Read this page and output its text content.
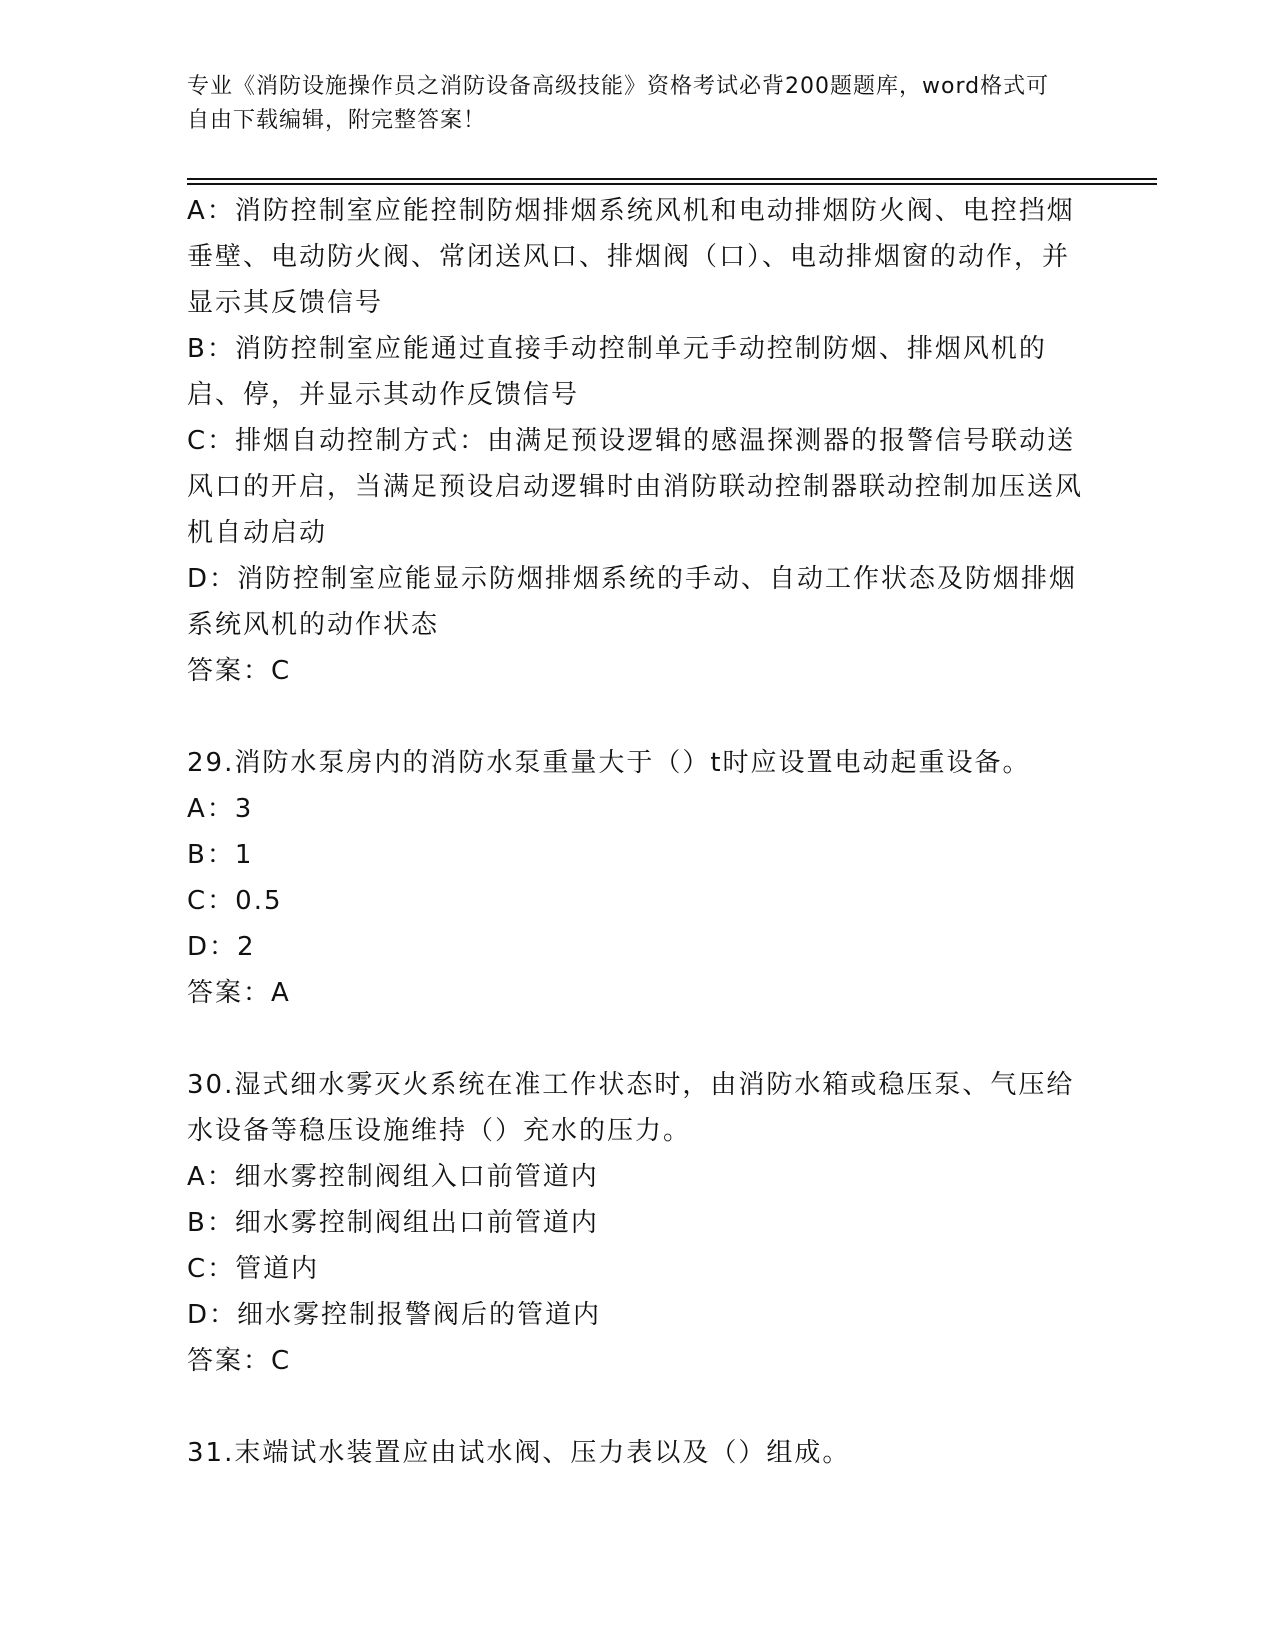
专业《消防设施操作员之消防设备高级技能》资格考试必背200题题库，word格式可自由下载编辑，附完整答案！

A：消防控制室应能控制防烟排烟系统风机和电动排烟防火阀、电控挡烟垂壁、电动防火阀、常闭送风口、排烟阀（口）、电动排烟窗的动作，并显示其反馈信号

B：消防控制室应能通过直接手动控制单元手动控制防烟、排烟风机的启、停，并显示其动作反馈信号

C：排烟自动控制方式：由满足预设逻辑的感温探测器的报警信号联动送风口的开启，当满足预设启动逻辑时由消防联动控制器联动控制加压送风机自动启动

D：消防控制室应能显示防烟排烟系统的手动、自动工作状态及防烟排烟系统风机的动作状态

答案：C

29.消防水泵房内的消防水泵重量大于（）t时应设置电动起重设备。

A：3

B：1

C：0.5

D：2

答案：A

30.湿式细水雾灭火系统在准工作状态时，由消防水箱或稳压泵、气压给水设备等稳压设施维持（）充水的压力。

A：细水雾控制阀组入口前管道内

B：细水雾控制阀组出口前管道内

C：管道内

D：细水雾控制报警阀后的管道内

答案：C

31.末端试水装置应由试水阀、压力表以及（）组成。
